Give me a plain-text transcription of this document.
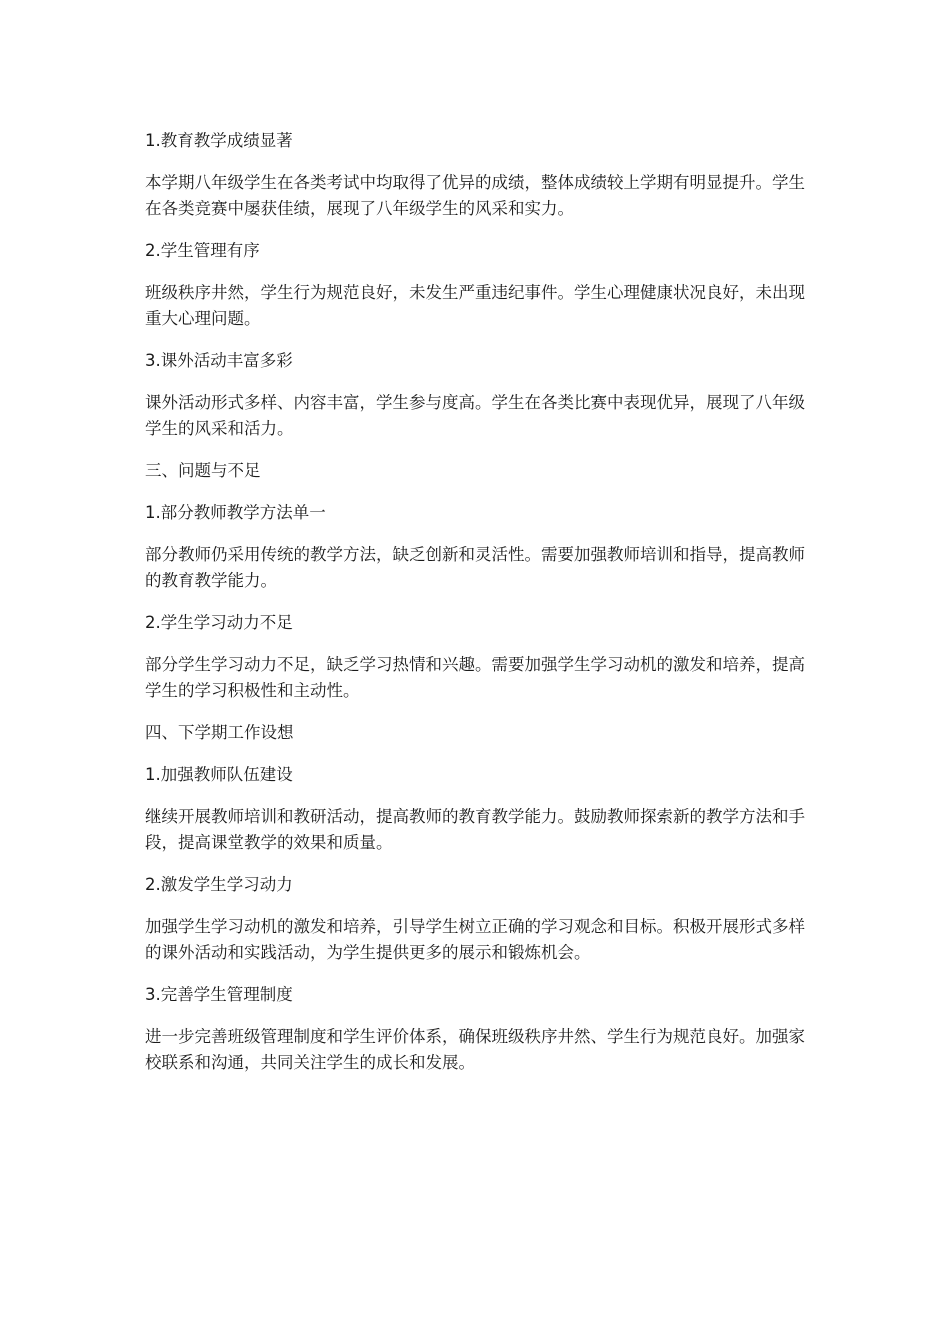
1.教育教学成绩显著

本学期八年级学生在各类考试中均取得了优异的成绩，整体成绩较上学期有明显提升。学生在各类竞赛中屡获佳绩，展现了八年级学生的风采和实力。

2.学生管理有序

班级秩序井然，学生行为规范良好，未发生严重违纪事件。学生心理健康状况良好，未出现重大心理问题。

3.课外活动丰富多彩

课外活动形式多样、内容丰富，学生参与度高。学生在各类比赛中表现优异，展现了八年级学生的风采和活力。

三、问题与不足

1.部分教师教学方法单一

部分教师仍采用传统的教学方法，缺乏创新和灵活性。需要加强教师培训和指导，提高教师的教育教学能力。

2.学生学习动力不足

部分学生学习动力不足，缺乏学习热情和兴趣。需要加强学生学习动机的激发和培养，提高学生的学习积极性和主动性。

四、下学期工作设想

1.加强教师队伍建设

继续开展教师培训和教研活动，提高教师的教育教学能力。鼓励教师探索新的教学方法和手段，提高课堂教学的效果和质量。

2.激发学生学习动力

加强学生学习动机的激发和培养，引导学生树立正确的学习观念和目标。积极开展形式多样的课外活动和实践活动，为学生提供更多的展示和锻炼机会。

3.完善学生管理制度

进一步完善班级管理制度和学生评价体系，确保班级秩序井然、学生行为规范良好。加强家校联系和沟通，共同关注学生的成长和发展。
